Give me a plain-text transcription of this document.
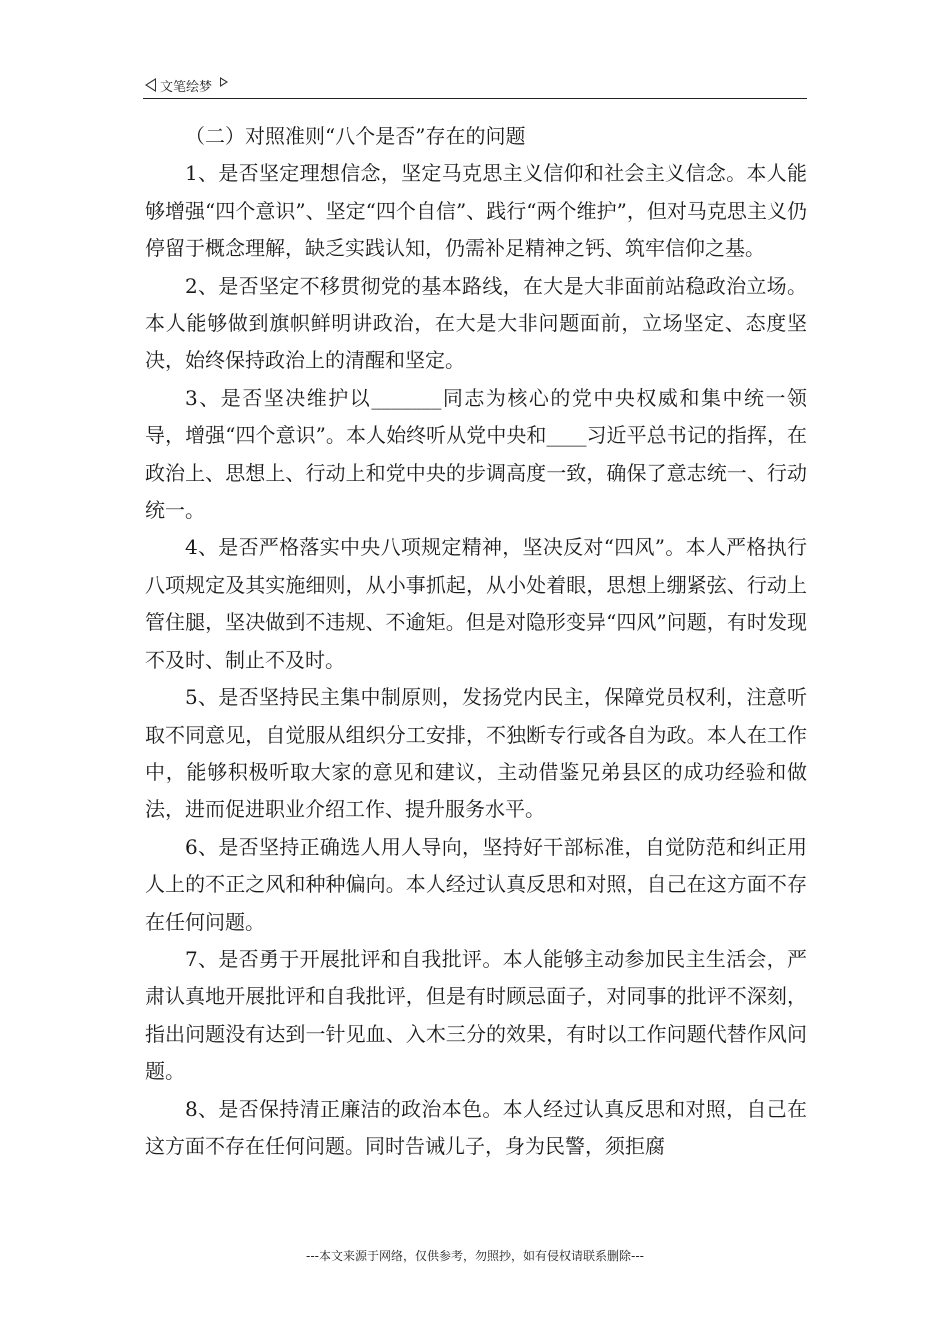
文笔绘梦

（二）对照准则“八个是否”存在的问题

1、是否坚定理想信念，坚定马克思主义信仰和社会主义信念。本人能够增强“四个意识”、坚定“四个自信”、践行“两个维护”，但对马克思主义仍停留于概念理解，缺乏实践认知，仍需补足精神之钙、筑牢信仰之基。

2、是否坚定不移贯彻党的基本路线，在大是大非面前站稳政治立场。本人能够做到旗帜鲜明讲政治，在大是大非问题面前，立场坚定、态度坚决，始终保持政治上的清醒和坚定。

3、是否坚决维护以_______同志为核心的党中央权威和集中统一领导，增强“四个意识”。本人始终听从党中央和____习近平总书记的指挥，在政治上、思想上、行动上和党中央的步调高度一致，确保了意志统一、行动统一。

4、是否严格落实中央八项规定精神，坚决反对“四风”。本人严格执行八项规定及其实施细则，从小事抓起，从小处着眼，思想上绷紧弦、行动上管住腿，坚决做到不违规、不逾矩。但是对隐形变异“四风”问题，有时发现不及时、制止不及时。

5、是否坚持民主集中制原则，发扬党内民主，保障党员权利，注意听取不同意见，自觉服从组织分工安排，不独断专行或各自为政。本人在工作中，能够积极听取大家的意见和建议，主动借鉴兄弟县区的成功经验和做法，进而促进职业介绍工作、提升服务水平。

6、是否坚持正确选人用人导向，坚持好干部标准，自觉防范和纠正用人上的不正之风和种种偏向。本人经过认真反思和对照，自己在这方面不存在任何问题。

7、是否勇于开展批评和自我批评。本人能够主动参加民主生活会，严肃认真地开展批评和自我批评，但是有时顾忌面子，对同事的批评不深刻，指出问题没有达到一针见血、入木三分的效果，有时以工作问题代替作风问题。

8、是否保持清正廉洁的政治本色。本人经过认真反思和对照，自己在这方面不存在任何问题。同时告诫儿子，身为民警，须拒腐

---本文来源于网络，仅供参考，勿照抄，如有侵权请联系删除---
